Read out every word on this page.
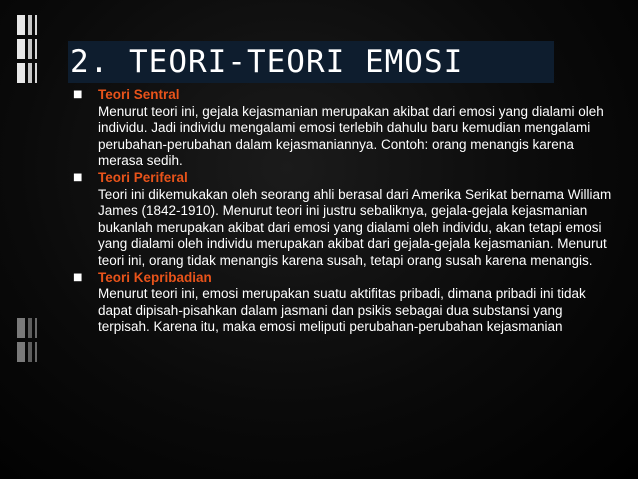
2. TEORI-TEORI EMOSI
■ Teori Sentral
Menurut teori ini, gejala kejasmanian merupakan akibat dari emosi yang dialami oleh individu. Jadi individu mengalami emosi terlebih dahulu baru kemudian mengalami perubahan-perubahan dalam kejasmaniannya. Contoh: orang menangis karena merasa sedih.
■ Teori Periferal
Teori ini dikemukakan oleh seorang ahli berasal dari Amerika Serikat bernama William James (1842-1910). Menurut teori ini justru sebaliknya, gejala-gejala kejasmanian bukanlah merupakan akibat dari emosi yang dialami oleh individu, akan tetapi emosi yang dialami oleh individu merupakan akibat dari gejala-gejala kejasmanian. Menurut teori ini, orang tidak menangis karena susah, tetapi orang susah karena menangis.
■ Teori Kepribadian
Menurut teori ini, emosi merupakan suatu aktifitas pribadi, dimana pribadi ini tidak dapat dipisah-pisahkan dalam jasmani dan psikis sebagai dua substansi yang terpisah. Karena itu, maka emosi meliputi perubahan-perubahan kejasmanian
